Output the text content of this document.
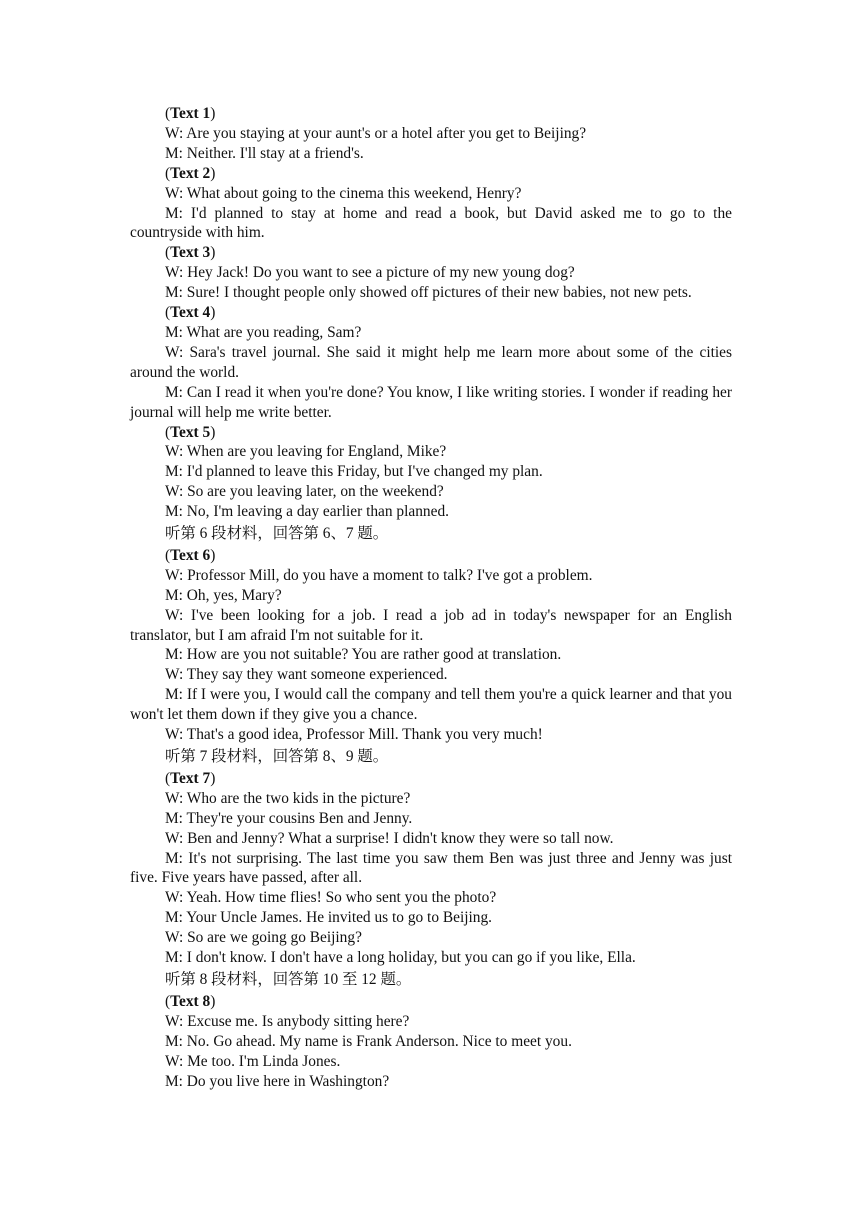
(Text 1)

W: Are you staying at your aunt's or a hotel after you get to Beijing?

M: Neither. I'll stay at a friend's.

(Text 2)

W: What about going to the cinema this weekend, Henry?

M: I'd planned to stay at home and read a book, but David asked me to go to the countryside with him.

(Text 3)

W: Hey Jack! Do you want to see a picture of my new young dog?

M: Sure! I thought people only showed off pictures of their new babies, not new pets.

(Text 4)

M: What are you reading, Sam?

W: Sara's travel journal. She said it might help me learn more about some of the cities around the world.

M: Can I read it when you're done? You know, I like writing stories. I wonder if reading her journal will help me write better.

(Text 5)

W: When are you leaving for England, Mike?

M: I'd planned to leave this Friday, but I've changed my plan.

W: So are you leaving later, on the weekend?

M: No, I'm leaving a day earlier than planned.

听第 6 段材料，回答第 6、7 题。

(Text 6)

W: Professor Mill, do you have a moment to talk? I've got a problem.

M: Oh, yes, Mary?

W: I've been looking for a job. I read a job ad in today's newspaper for an English translator, but I am afraid I'm not suitable for it.

M: How are you not suitable? You are rather good at translation.

W: They say they want someone experienced.

M: If I were you, I would call the company and tell them you're a quick learner and that you won't let them down if they give you a chance.

W: That's a good idea, Professor Mill. Thank you very much!

听第 7 段材料，回答第 8、9 题。

(Text 7)

W: Who are the two kids in the picture?

M: They're your cousins Ben and Jenny.

W: Ben and Jenny? What a surprise! I didn't know they were so tall now.

M: It's not surprising. The last time you saw them Ben was just three and Jenny was just five. Five years have passed, after all.

W: Yeah. How time flies! So who sent you the photo?

M: Your Uncle James. He invited us to go to Beijing.

W: So are we going go Beijing?

M: I don't know. I don't have a long holiday, but you can go if you like, Ella.

听第 8 段材料，回答第 10 至 12 题。

(Text 8)

W: Excuse me. Is anybody sitting here?

M: No. Go ahead. My name is Frank Anderson. Nice to meet you.

W: Me too. I'm Linda Jones.

M: Do you live here in Washington?
